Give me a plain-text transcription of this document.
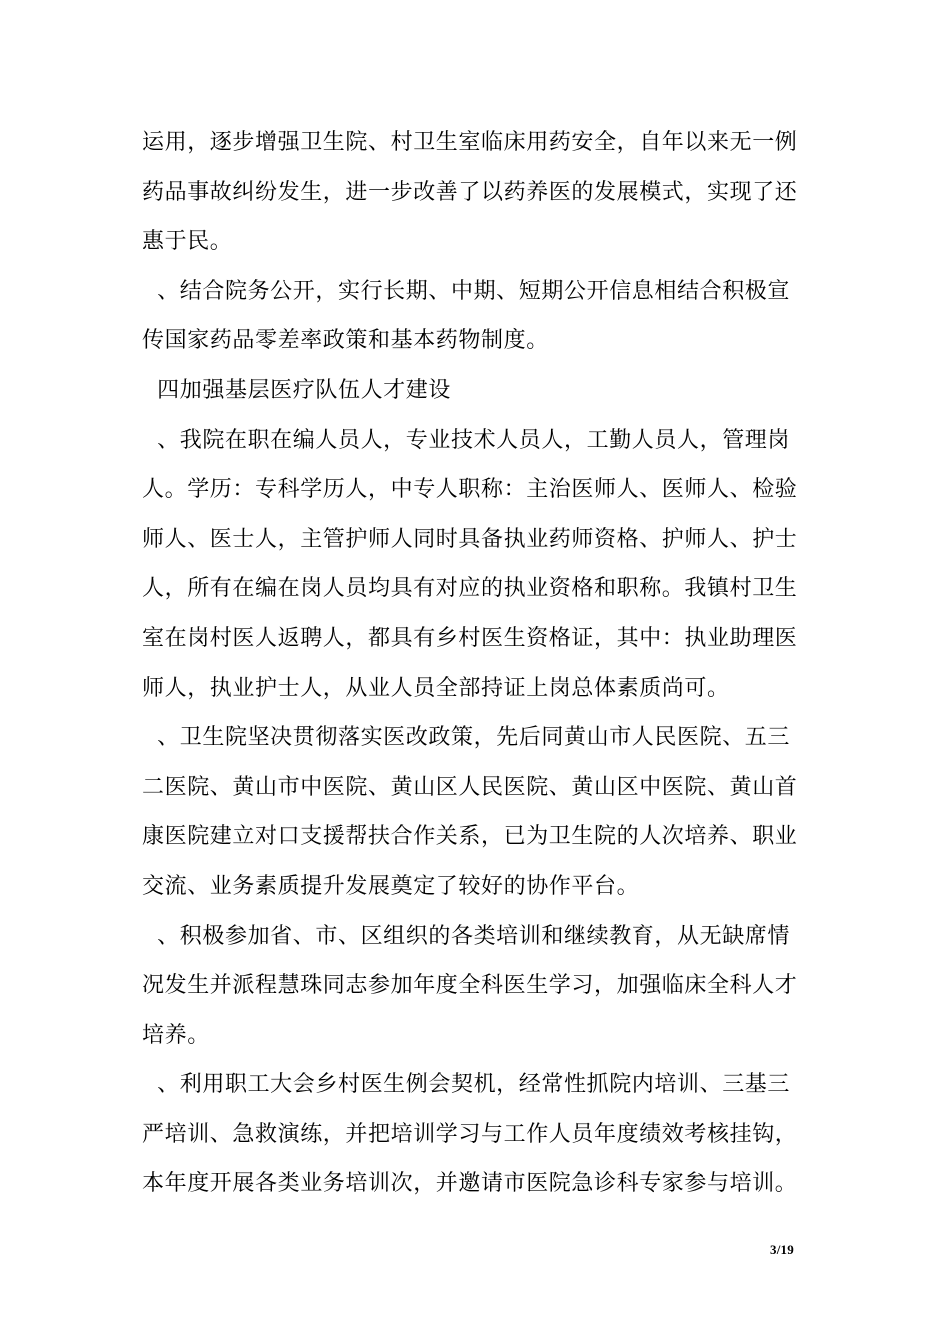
运用，逐步增强卫生院、村卫生室临床用药安全，自年以来无一例
药品事故纠纷发生，进一步改善了以药养医的发展模式，实现了还
惠于民。
、结合院务公开，实行长期、中期、短期公开信息相结合积极宣
传国家药品零差率政策和基本药物制度。
四加强基层医疗队伍人才建设
、我院在职在编人员人，专业技术人员人，工勤人员人，管理岗
人。学历：专科学历人，中专人职称：主治医师人、医师人、检验
师人、医士人，主管护师人同时具备执业药师资格、护师人、护士
人，所有在编在岗人员均具有对应的执业资格和职称。我镇村卫生
室在岗村医人返聘人，都具有乡村医生资格证，其中：执业助理医
师人，执业护士人，从业人员全部持证上岗总体素质尚可。
、卫生院坚决贯彻落实医改政策，先后同黄山市人民医院、五三
二医院、黄山市中医院、黄山区人民医院、黄山区中医院、黄山首
康医院建立对口支援帮扶合作关系，已为卫生院的人次培养、职业
交流、业务素质提升发展奠定了较好的协作平台。
、积极参加省、市、区组织的各类培训和继续教育，从无缺席情
况发生并派程慧珠同志参加年度全科医生学习，加强临床全科人才
培养。
、利用职工大会乡村医生例会契机，经常性抓院内培训、三基三
严培训、急救演练，并把培训学习与工作人员年度绩效考核挂钩，
本年度开展各类业务培训次，并邀请市医院急诊科专家参与培训。
3/19
